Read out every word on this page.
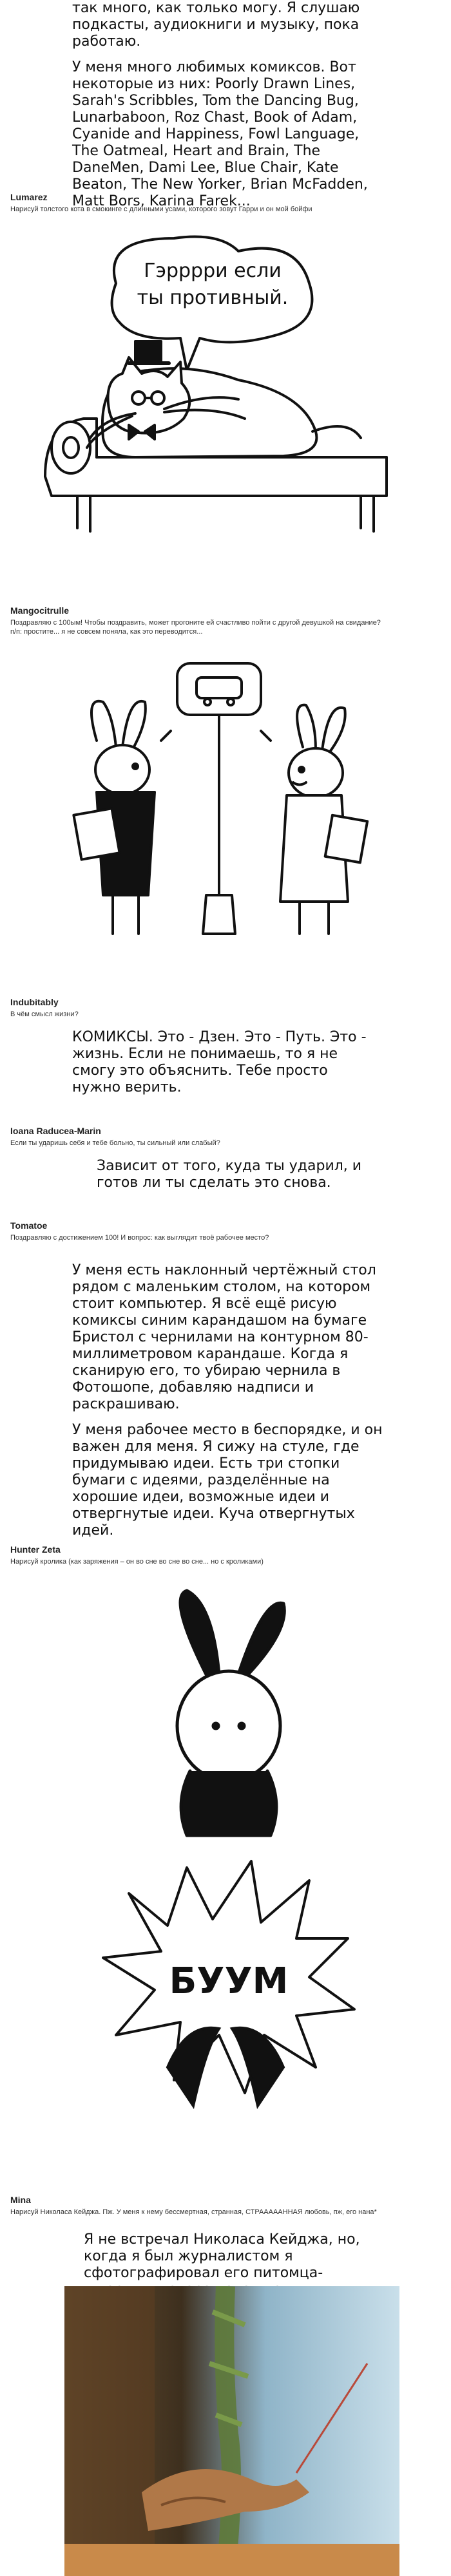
так много, как только могу. Я слушаю подкасты, аудиокниги и музыку, пока работаю.

У меня много любимых комиксов. Вот некоторые из них: Poorly Drawn Lines, Sarah's Scribbles, Tom the Dancing Bug, Lunarbaboon, Roz Chast, Book of Adam, Cyanide and Happiness, Fowl Language, The Oatmeal, Heart and Brain, The DaneMen, Dami Lee, Blue Chair, Kate Beaton, The New Yorker, Brian McFadden, Matt Bors, Karina Farek...

Lumarez
Нарисуй толстого кота в смокинге с длинными усами, которого зовут Гарри и он мой бойфи
Гэрррри если ты противный.
Mangocitrulle
Поздравляю с 100ым! Чтобы поздравить, может прогоните ей счастливо пойти с другой девушкой на свидание?
п/п: простите... я не совсем поняла, как это переводится...
Indubitably
В чём смысл жизни?
КОМИКСЫ. Это - Дзен. Это - Путь. Это - жизнь. Если не понимаешь, то я не смогу это объяснить. Тебе просто нужно верить.
Ioana Raducea-Marin
Если ты ударишь себя и тебе больно, ты сильный или слабый?
Зависит от того, куда ты ударил, и готов ли ты сделать это снова.
Tomatoe
Поздравляю с достижением 100! И вопрос: как выглядит твоё рабочее место?

У меня есть наклонный чертёжный стол рядом с маленьким столом, на котором стоит компьютер. Я всё ещё рисую комиксы синим карандашом на бумаге Бристол с чернилами на контурном 80-миллиметровом карандаше. Когда я сканирую его, то убираю чернила в Фотошопе, добавляю надписи и раскрашиваю.

У меня рабочее место в беспорядке, и он важен для меня. Я сижу на стуле, где придумываю идеи. Есть три стопки бумаги с идеями, разделённые на хорошие идеи, возможные идеи и отвергнутые идеи. Куча отвергнутых идей.

Hunter Zeta
Нарисуй кролика (как заряжения – он во сне во сне во сне... но с кроликами)
БУУМ
Mina
Нарисуй Николаса Кейджа. Пж. У меня к нему бессмертная, странная, СТРАААААННАЯ любовь, пж, его нана*
Я не встречал Николаса Кейджа, но, когда я был журналистом я сфотографировал его питомца-
